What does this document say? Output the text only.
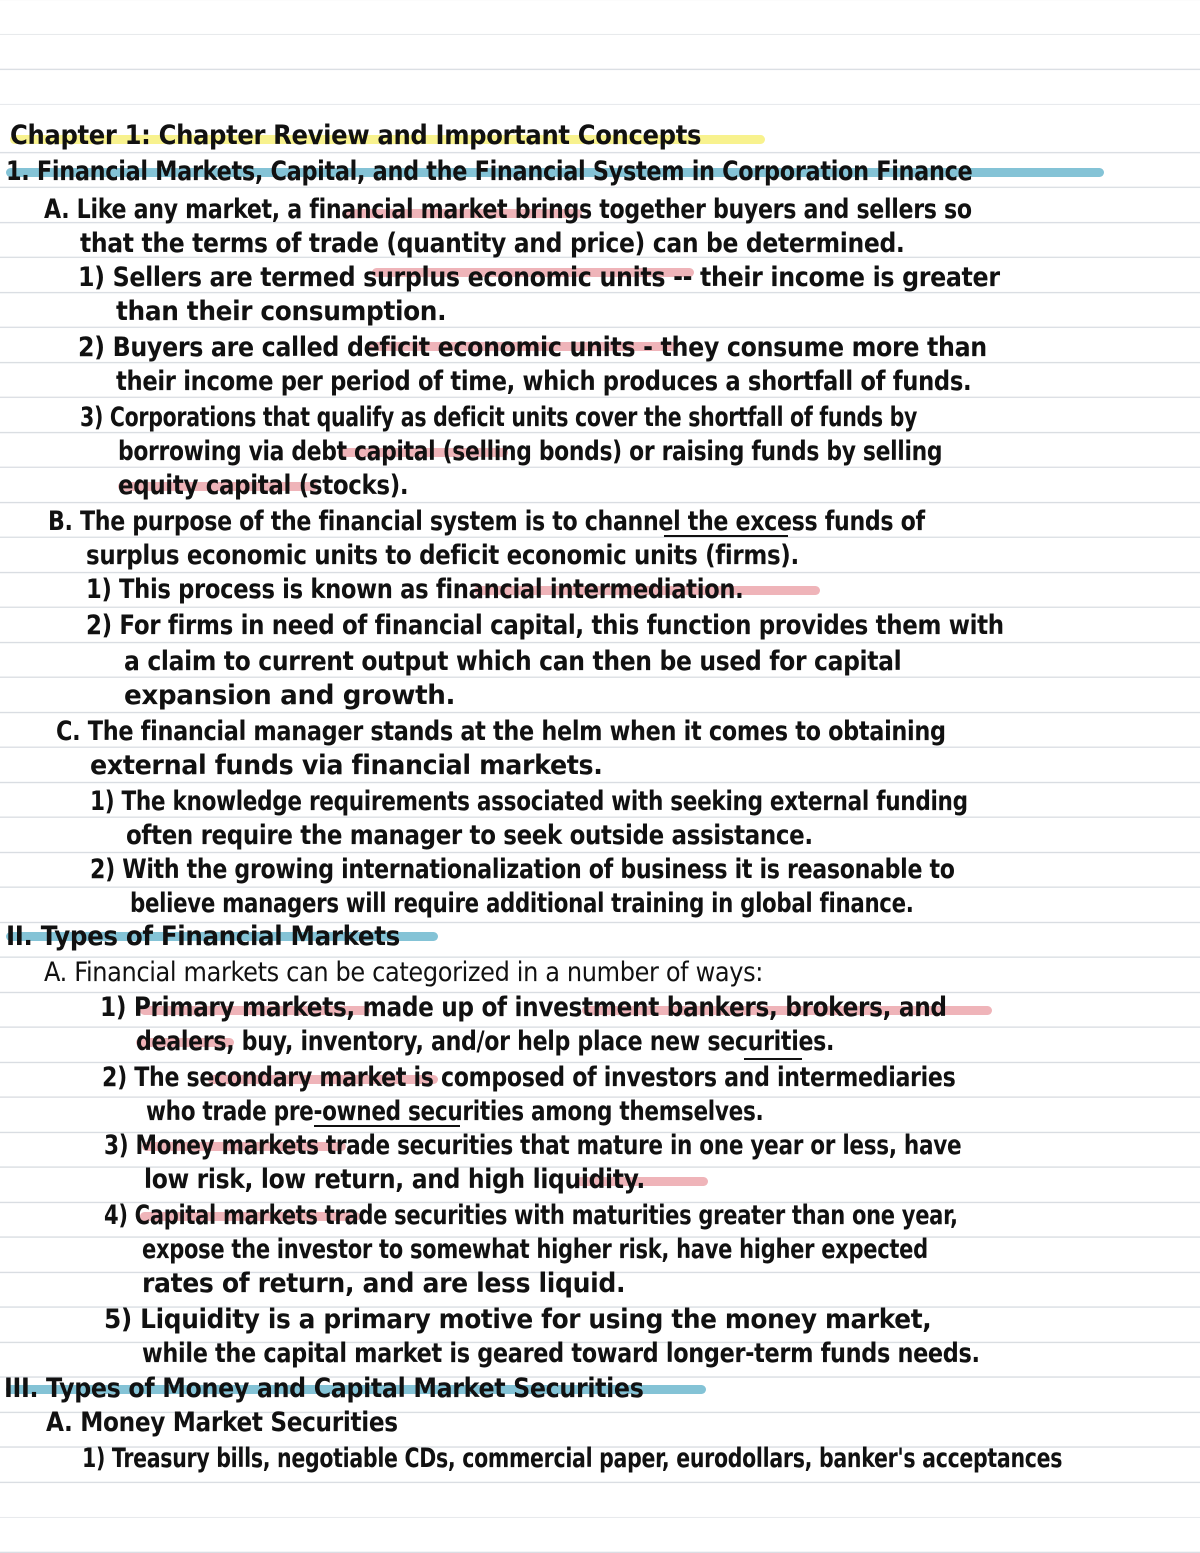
Chapter 1: Chapter Review and Important Concepts
1. Financial Markets, Capital, and the Financial System in Corporation Finance
A. Like any market, a financial market brings together buyers and sellers so
that the terms of trade (quantity and price) can be determined.
1) Sellers are termed surplus economic units -- their income is greater
than their consumption.
2) Buyers are called deficit economic units - they consume more than
their income per period of time, which produces a shortfall of funds.
3) Corporations that qualify as deficit units cover the shortfall of funds by
borrowing via debt capital (selling bonds) or raising funds by selling
equity capital (stocks).
B. The purpose of the financial system is to channel the excess funds of
surplus economic units to deficit economic units (firms).
1) This process is known as financial intermediation.
2) For firms in need of financial capital, this function provides them with
a claim to current output which can then be used for capital
expansion and growth.
C. The financial manager stands at the helm when it comes to obtaining
external funds via financial markets.
1) The knowledge requirements associated with seeking external funding
often require the manager to seek outside assistance.
2) With the growing internationalization of business it is reasonable to
believe managers will require additional training in global finance.
II. Types of Financial Markets
A. Financial markets can be categorized in a number of ways:
1) Primary markets, made up of investment bankers, brokers, and
dealers, buy, inventory, and/or help place new securities.
2) The secondary market is composed of investors and intermediaries
who trade pre-owned securities among themselves.
3) Money markets trade securities that mature in one year or less, have
low risk, low return, and high liquidity.
4) Capital markets trade securities with maturities greater than one year,
expose the investor to somewhat higher risk, have higher expected
rates of return, and are less liquid.
5) Liquidity is a primary motive for using the money market,
while the capital market is geared toward longer-term funds needs.
III. Types of Money and Capital Market Securities
A. Money Market Securities
1) Treasury bills, negotiable CDs, commercial paper, eurodollars, banker's acceptances
